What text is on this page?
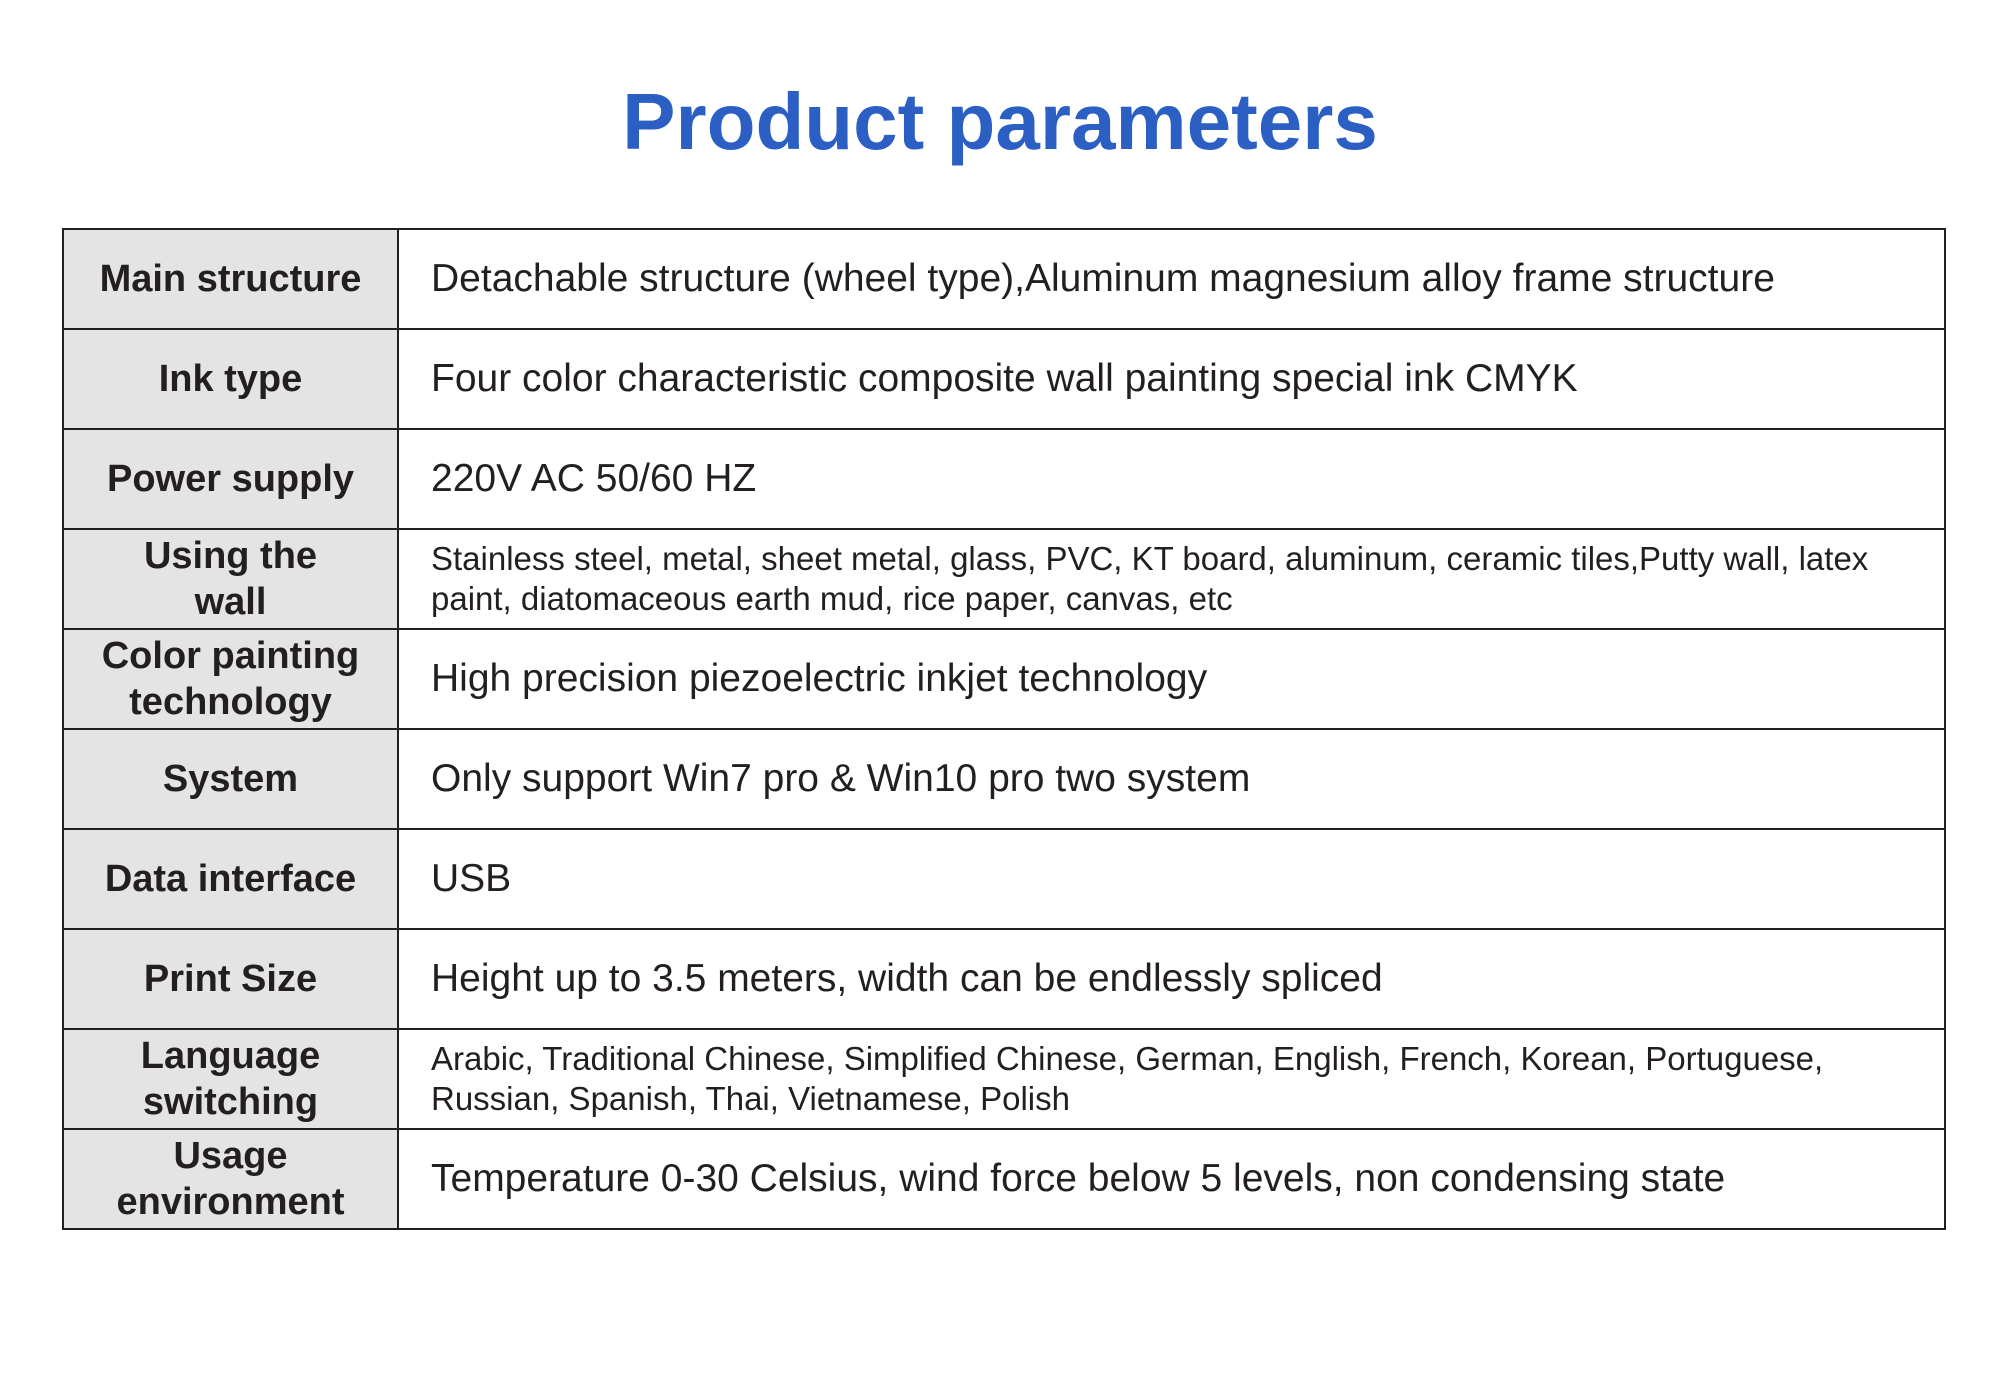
Product parameters
Main structure	Detachable structure (wheel type),Aluminum magnesium alloy frame structure
Ink type	Four color characteristic composite wall painting special ink CMYK
Power supply	220V AC 50/60 HZ
Using the wall	Stainless steel, metal, sheet metal, glass, PVC, KT board, aluminum, ceramic tiles,Putty wall, latex paint, diatomaceous earth mud, rice paper, canvas, etc
Color painting technology	High precision piezoelectric inkjet technology
System	Only support Win7 pro & Win10 pro two system
Data interface	USB
Print Size	Height up to 3.5 meters, width can be endlessly spliced
Language switching	Arabic, Traditional Chinese, Simplified Chinese, German, English, French, Korean, Portuguese, Russian, Spanish, Thai, Vietnamese, Polish
Usage environment	Temperature 0-30 Celsius, wind force below 5 levels, non condensing state
